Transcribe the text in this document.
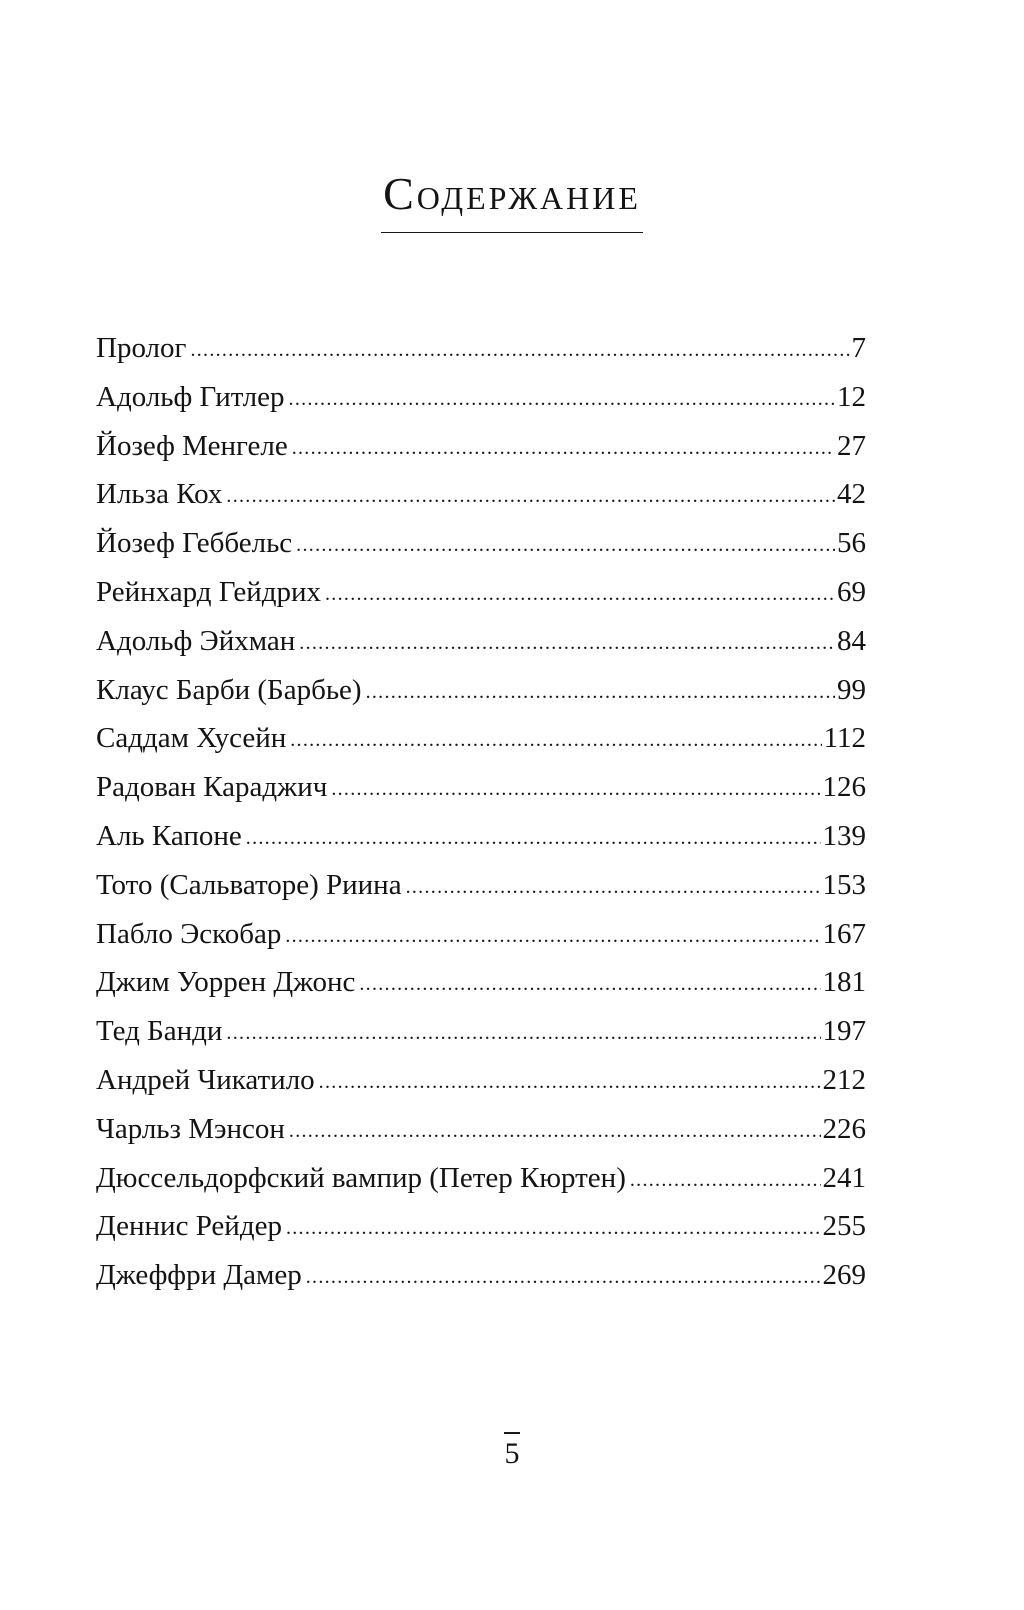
Содержание
Пролог .....	7
Адольф Гитлер .....	12
Йозеф Менгеле .....	27
Ильза Кох .....	42
Йозеф Геббельс .....	56
Рейнхард Гейдрих .....	69
Адольф Эйхман .....	84
Клаус Барби (Барбье) .....	99
Саддам Хусейн .....	112
Радован Караджич .....	126
Аль Капоне .....	139
Тото (Сальваторе) Риина .....	153
Пабло Эскобар .....	167
Джим Уоррен Джонс .....	181
Тед Банди .....	197
Андрей Чикатило .....	212
Чарльз Мэнсон .....	226
Дюссельдорфский вампир (Петер Кюртен) .....	241
Деннис Рейдер .....	255
Джеффри Дамер .....	269
5
